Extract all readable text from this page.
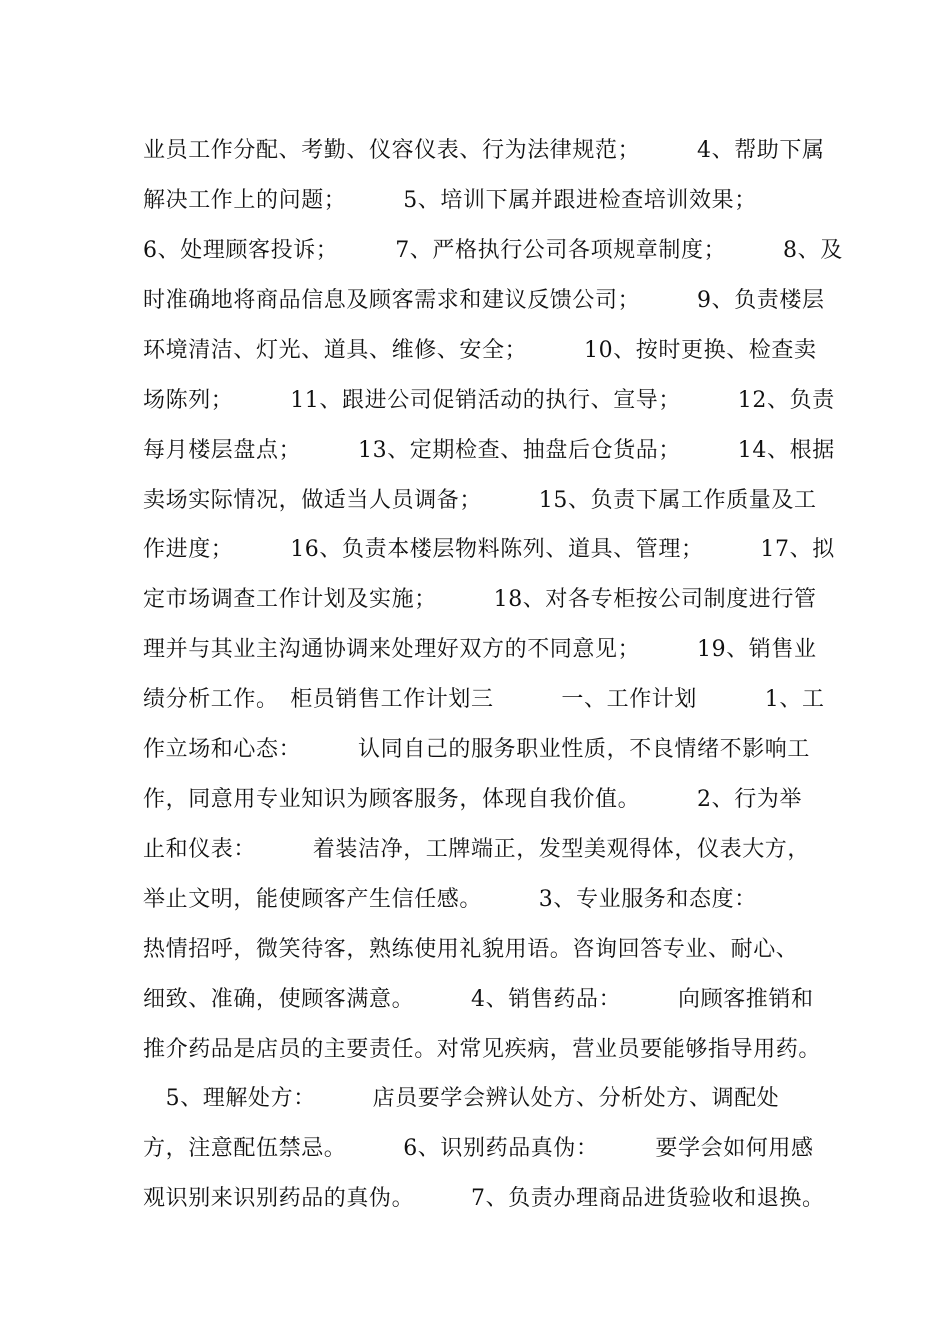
业员工作分配、考勤、仪容仪表、行为法律规范；　　　4、帮助下属
解决工作上的问题；　　　5、培训下属并跟进检查培训效果；
6、处理顾客投诉；　　　7、严格执行公司各项规章制度；　　　8、及
时准确地将商品信息及顾客需求和建议反馈公司；　　　9、负责楼层
环境清洁、灯光、道具、维修、安全；　　　10、按时更换、检查卖
场陈列；　　　11、跟进公司促销活动的执行、宣导；　　　12、负责
每月楼层盘点；　　　13、定期检查、抽盘后仓货品；　　　14、根据
卖场实际情况，做适当人员调备；　　　15、负责下属工作质量及工
作进度；　　　16、负责本楼层物料陈列、道具、管理；　　　17、拟
定市场调查工作计划及实施；　　　18、对各专柜按公司制度进行管
理并与其业主沟通协调来处理好双方的不同意见；　　　19、销售业
绩分析工作。　柜员销售工作计划三　　　一、工作计划　　　1、工
作立场和心态：　　　认同自己的服务职业性质，不良情绪不影响工
作，同意用专业知识为顾客服务，体现自我价值。　　　2、行为举
止和仪表：　　　着装洁净，工牌端正，发型美观得体，仪表大方，
举止文明，能使顾客产生信任感。　　　3、专业服务和态度：
热情招呼，微笑待客，熟练使用礼貌用语。咨询回答专业、耐心、
细致、准确，使顾客满意。　　　4、销售药品：　　　向顾客推销和
推介药品是店员的主要责任。对常见疾病，营业员要能够指导用药。
　5、理解处方：　　　店员要学会辨认处方、分析处方、调配处
方，注意配伍禁忌。　　　6、识别药品真伪：　　　要学会如何用感
观识别来识别药品的真伪。　　　7、负责办理商品进货验收和退换。
